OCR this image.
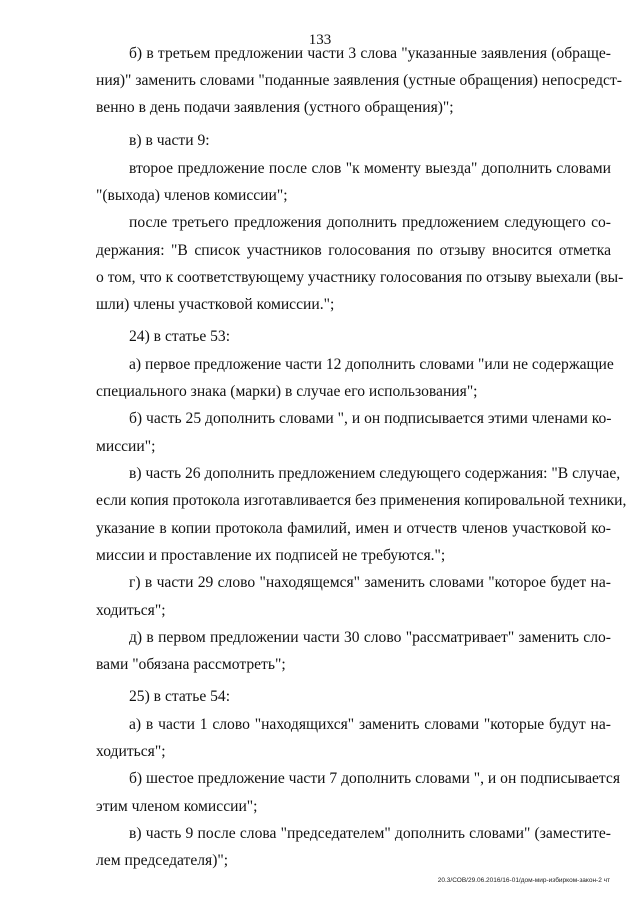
133
б) в третьем предложении части 3 слова "указанные заявления (обраще-
ния)" заменить словами "поданные заявления (устные обращения) непосредст-
венно в день подачи заявления (устного обращения)";
в) в части 9:
второе предложение после слов "к моменту выезда" дополнить словами
"(выхода) членов комиссии";
после третьего предложения дополнить предложением следующего со-
держания: "В список участников голосования по отзыву вносится отметка
о том, что к соответствующему участнику голосования по отзыву выехали (вы-
шли) члены участковой комиссии.";
24) в статье 53:
а) первое предложение части 12 дополнить словами "или не содержащие
специального знака (марки) в случае его использования";
б) часть 25 дополнить словами ", и он подписывается этими членами ко-
миссии";
в) часть 26 дополнить предложением следующего содержания: "В случае,
если копия протокола изготавливается без применения копировальной техники,
указание в копии протокола фамилий, имен и отчеств членов участковой ко-
миссии и проставление их подписей не требуются.";
г) в части 29 слово "находящемся" заменить словами "которое будет на-
ходиться";
д) в первом предложении части 30 слово "рассматривает" заменить сло-
вами "обязана рассмотреть";
25) в статье 54:
а) в части 1 слово "находящихся" заменить словами "которые будут на-
ходиться";
б) шестое предложение части 7 дополнить словами ", и он подписывается
этим членом комиссии";
в) часть 9 после слова "председателем" дополнить словами" (заместите-
лем председателя)";
20.3/СОВ/29.06.2016/16-01/дом-мир-избирком-закон-2 чт
